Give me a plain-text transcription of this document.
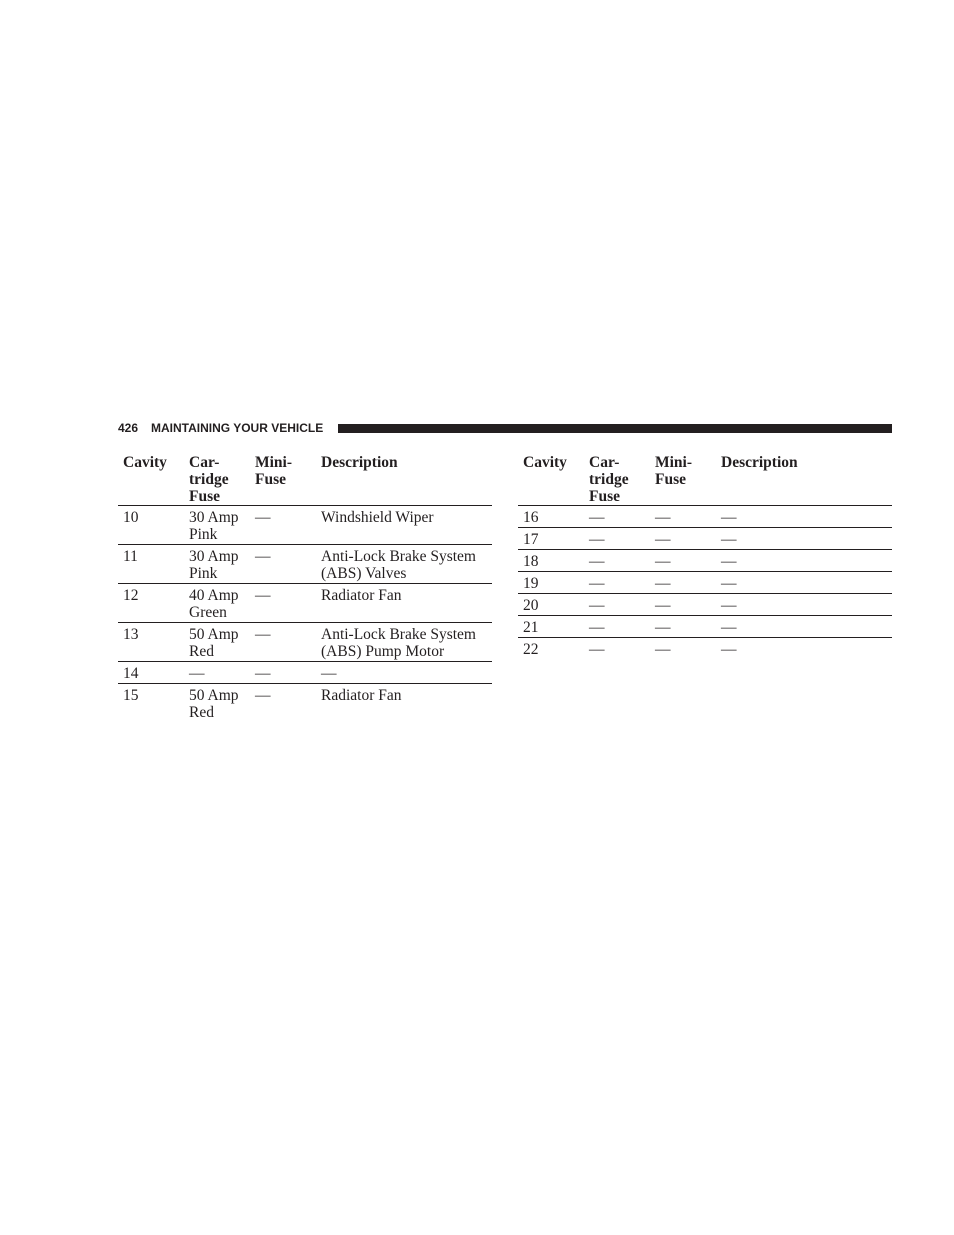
426 MAINTAINING YOUR VEHICLE
Cavity	Car-
tridge
Fuse	Mini-
Fuse	Description

10	30 Amp
Pink	—	Windshield Wiper

11	30 Amp
Pink	—	Anti-Lock Brake System
(ABS) Valves

12	40 Amp
Green	—	Radiator Fan

13	50 Amp
Red	—	Anti-Lock Brake System
(ABS) Pump Motor

14	—	—	—

15	50 Amp
Red	—	Radiator Fan
Cavity	Car-
tridge
Fuse	Mini-
Fuse	Description

16	—	—	—

17	—	—	—

18	—	—	—

19	—	—	—

20	—	—	—

21	—	—	—

22	—	—	—
